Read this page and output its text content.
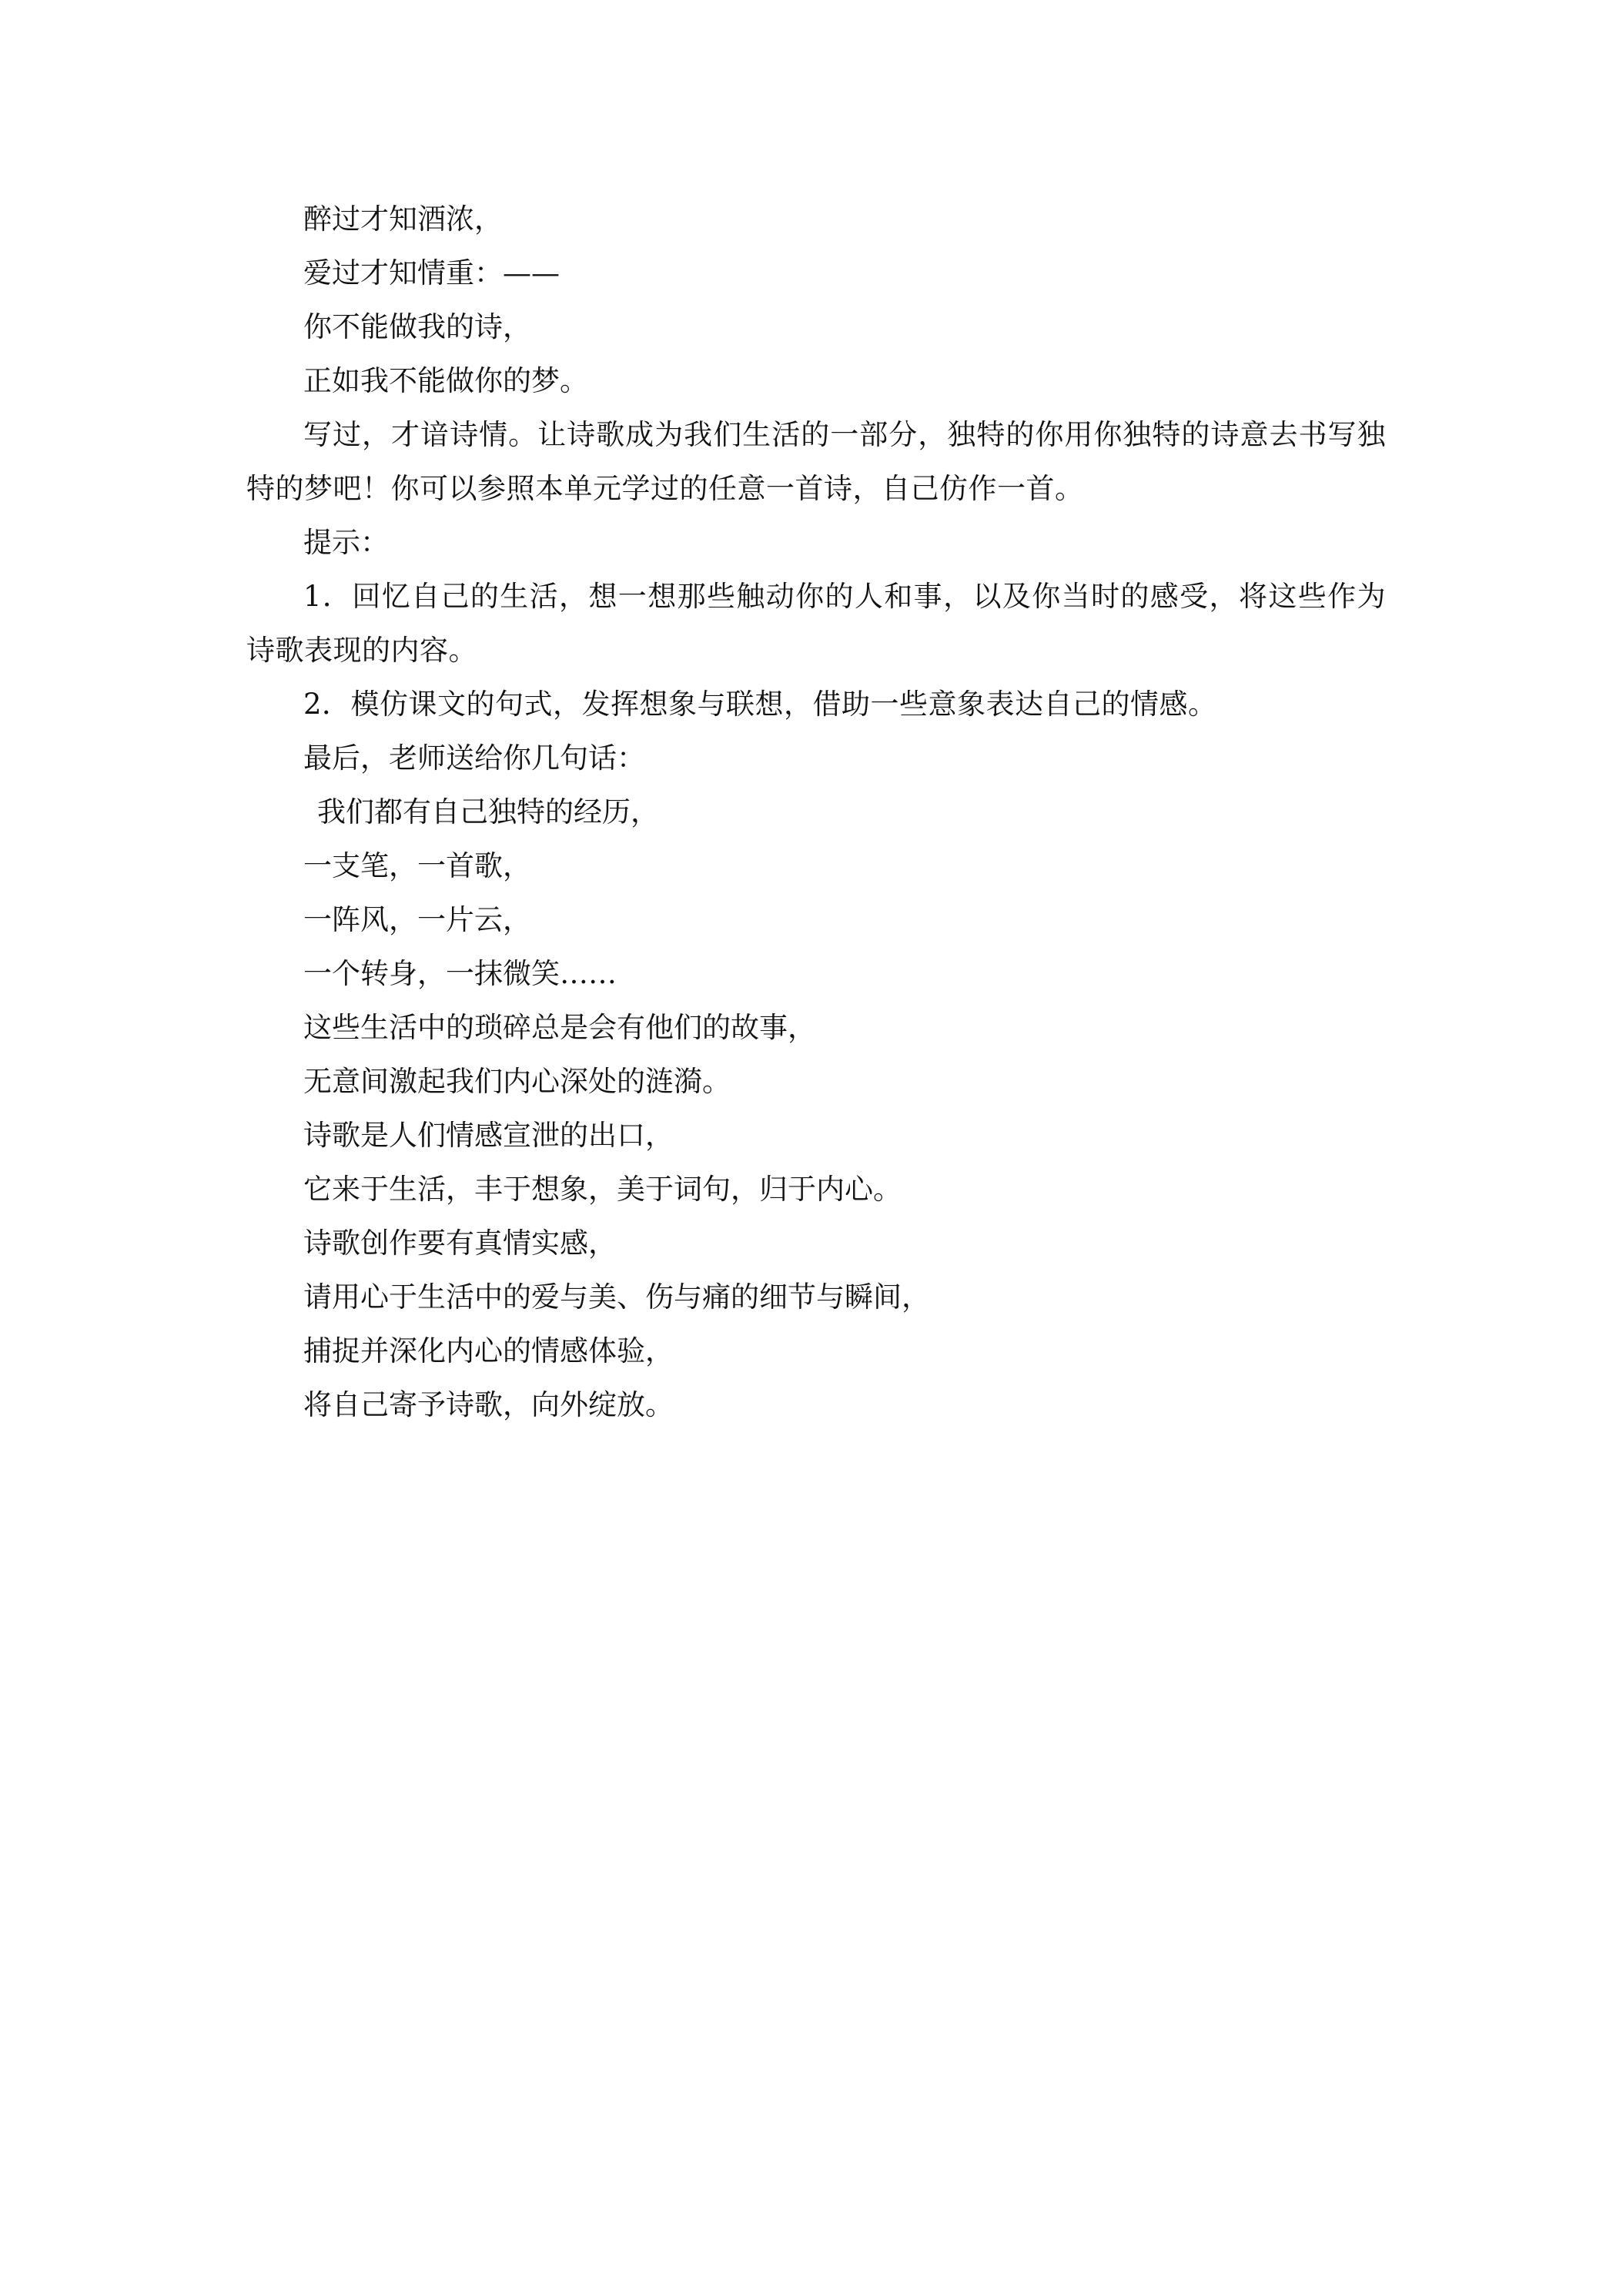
醉过才知酒浓，

爱过才知情重：——

你不能做我的诗，

正如我不能做你的梦。

写过，才谙诗情。让诗歌成为我们生活的一部分，独特的你用你独特的诗意去书写独特的梦吧！你可以参照本单元学过的任意一首诗，自己仿作一首。

提示：

1．回忆自己的生活，想一想那些触动你的人和事，以及你当时的感受，将这些作为诗歌表现的内容。

2．模仿课文的句式，发挥想象与联想，借助一些意象表达自己的情感。

最后，老师送给你几句话：

我们都有自己独特的经历，

一支笔，一首歌，

一阵风，一片云，

一个转身，一抹微笑……

这些生活中的琐碎总是会有他们的故事，

无意间激起我们内心深处的涟漪。

诗歌是人们情感宣泄的出口，

它来于生活，丰于想象，美于词句，归于内心。

诗歌创作要有真情实感，

请用心于生活中的爱与美、伤与痛的细节与瞬间，

捕捉并深化内心的情感体验，

将自己寄予诗歌，向外绽放。
